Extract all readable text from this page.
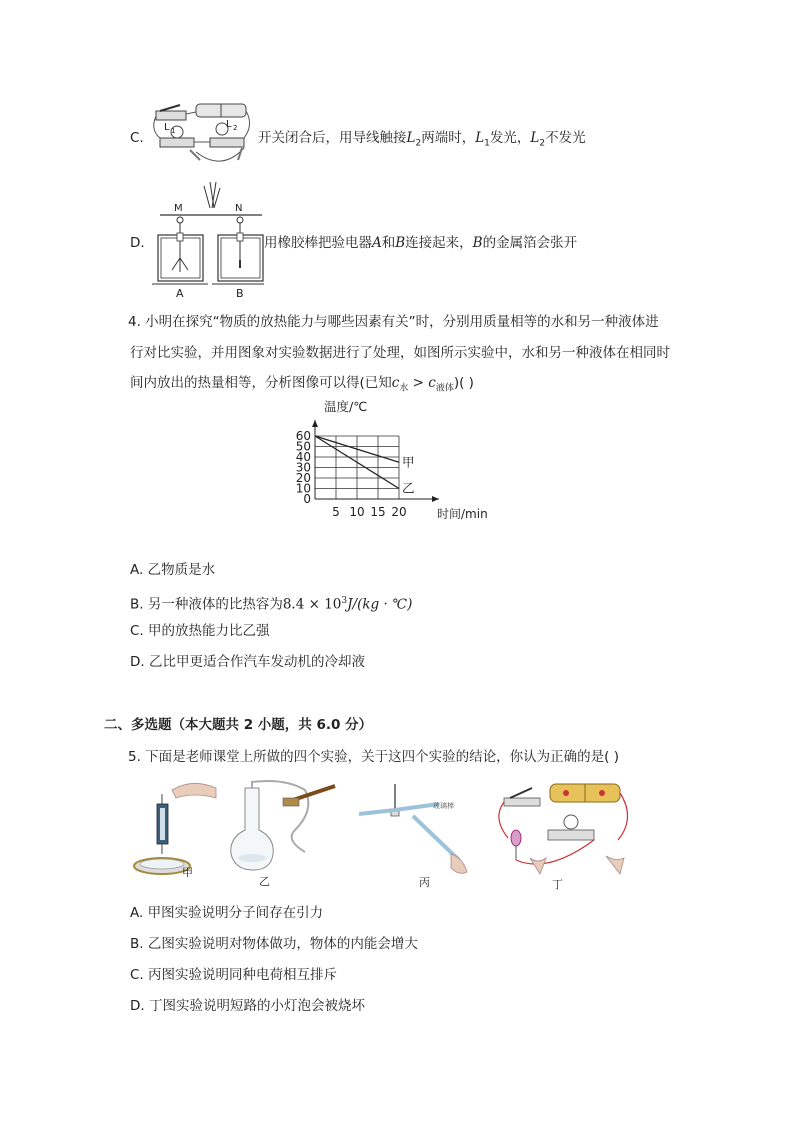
C.
L 1
L 2
开关闭合后，用导线触接$L_2$两端时，$L_1$发光，$L_2$不发光
D.
M	N
A	B
用橡胶棒把验电器A和B连接起来，B的金属箔会张开
4. 小明在探究“物质的放热能力与哪些因素有关”时，分别用质量相等的水和另一种液体进
行对比实验，并用图象对实验数据进行了处理，如图所示实验中，水和另一种液体在相同时
间内放出的热量相等，分析图像可以得(已知$c_水 > c_{液体}$)( )
温度/℃
时间/min
60
50
40
30
20
10
0
5 10 15 20
甲
乙
A. 乙物质是水
B. 另一种液体的比热容为$8.4 \times 10^3J/(kg$ · ℃)
C. 甲的放热能力比乙强
D. 乙比甲更适合作汽车发动机的冷却液
二、多选题（本大题共 2 小题，共 6.0 分）
5. 下面是老师课堂上所做的四个实验，关于这四个实验的结论，你认为正确的是( )
甲
乙
玻璃棒
丙	丁
A. 甲图实验说明分子间存在引力
B. 乙图实验说明对物体做功，物体的内能会增大
C. 丙图实验说明同种电荷相互排斥
D. 丁图实验说明短路的小灯泡会被烧坏
